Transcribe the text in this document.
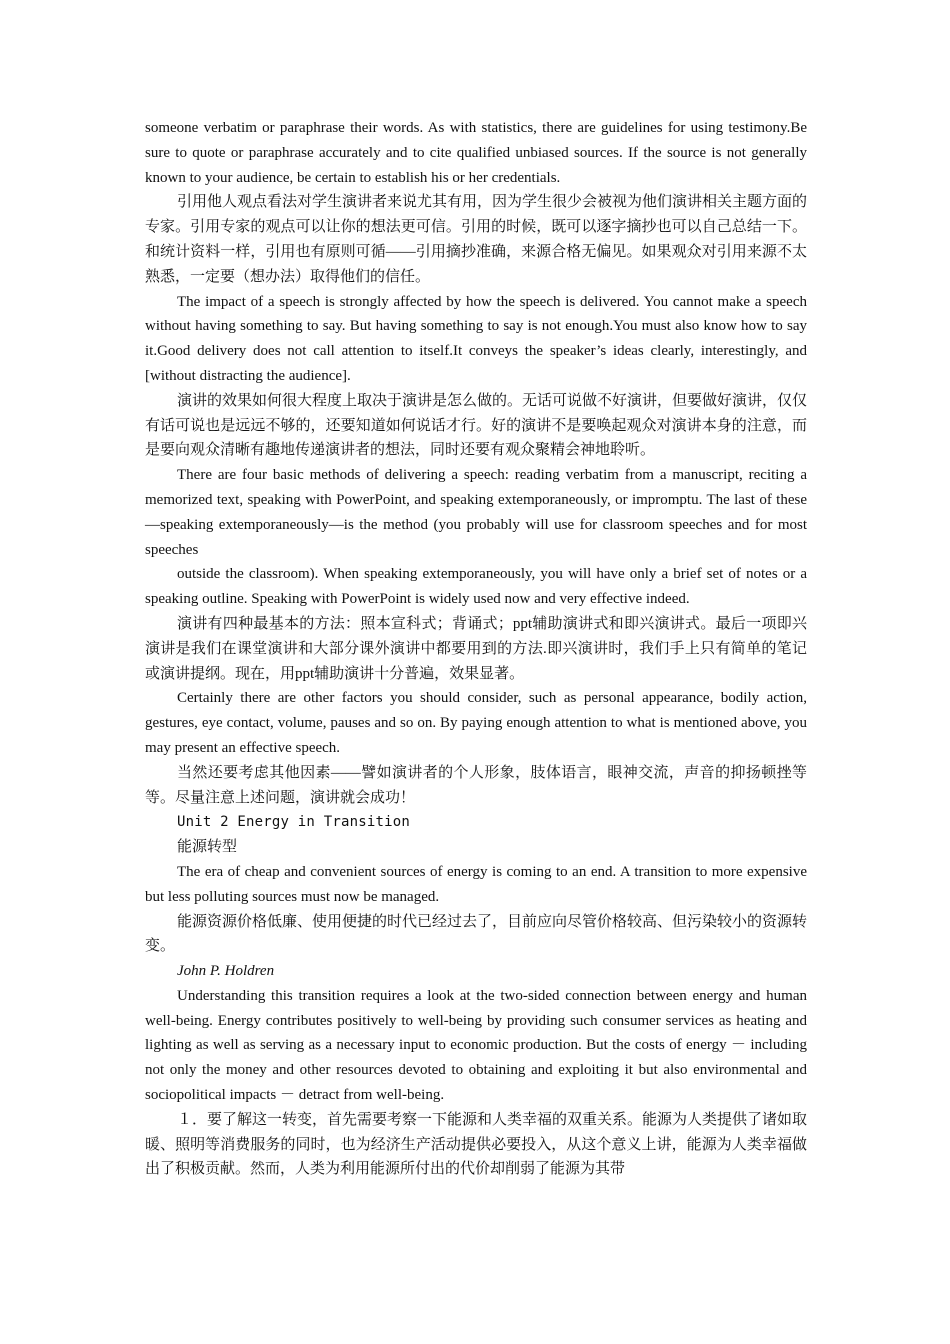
someone verbatim or paraphrase their words. As with statistics, there are guidelines for using testimony.Be sure to quote or paraphrase accurately and to cite qualified unbiased sources. If the source is not generally known to your audience, be certain to establish his or her credentials.

引用他人观点看法对学生演讲者来说尤其有用，因为学生很少会被视为他们演讲相关主题方面的专家。引用专家的观点可以让你的想法更可信。引用的时候，既可以逐字摘抄也可以自己总结一下。和统计资料一样，引用也有原则可循——引用摘抄准确，来源合格无偏见。如果观众对引用来源不太熟悉，一定要（想办法）取得他们的信任。

The impact of a speech is strongly affected by how the speech is delivered. You cannot make a speech without having something to say. But having something to say is not enough.You must also know how to say it.Good delivery does not call attention to itself.It conveys the speaker’s ideas clearly, interestingly, and [without distracting the audience].

演讲的效果如何很大程度上取决于演讲是怎么做的。无话可说做不好演讲，但要做好演讲，仅仅有话可说也是远远不够的，还要知道如何说话才行。好的演讲不是要唤起观众对演讲本身的注意，而是要向观众清晰有趣地传递演讲者的想法，同时还要有观众聚精会神地聆听。

There are four basic methods of delivering a speech: reading verbatim from a manuscript, reciting a memorized text, speaking with PowerPoint, and speaking extemporaneously, or impromptu. The last of these—speaking extemporaneously—is the method (you probably will use for classroom speeches and for most speeches

outside the classroom). When speaking extemporaneously, you will have only a brief set of notes or a speaking outline. Speaking with PowerPoint is widely used now and very effective indeed.

演讲有四种最基本的方法：照本宣科式；背诵式；ppt辅助演讲式和即兴演讲式。最后一项即兴演讲是我们在课堂演讲和大部分课外演讲中都要用到的方法.即兴演讲时，我们手上只有简单的笔记或演讲提纲。现在，用ppt辅助演讲十分普遍，效果显著。

Certainly there are other factors you should consider, such as personal appearance, bodily action, gestures, eye contact, volume, pauses and so on. By paying enough attention to what is mentioned above, you may present an effective speech.

当然还要考虑其他因素——譬如演讲者的个人形象，肢体语言，眼神交流，声音的抑扬顿挫等等。尽量注意上述问题，演讲就会成功！

Unit 2 Energy in Transition

能源转型

The era of cheap and convenient sources of energy is coming to an end. A transition to more expensive but less polluting sources must now be managed.

能源资源价格低廉、使用便捷的时代已经过去了，目前应向尽管价格较高、但污染较小的资源转变。

John P. Holdren

Understanding this transition requires a look at the two-sided connection between energy and human well-being. Energy contributes positively to well-being by providing such consumer services as heating and lighting as well as serving as a necessary input to economic production. But the costs of energy － including not only the money and other resources devoted to obtaining and exploiting it but also environmental and sociopolitical impacts － detract from well-being.

１．要了解这一转变，首先需要考察一下能源和人类幸福的双重关系。能源为人类提供了诸如取暖、照明等消费服务的同时，也为经济生产活动提供必要投入，从这个意义上讲，能源为人类幸福做出了积极贡献。然而，人类为利用能源所付出的代价却削弱了能源为其带
